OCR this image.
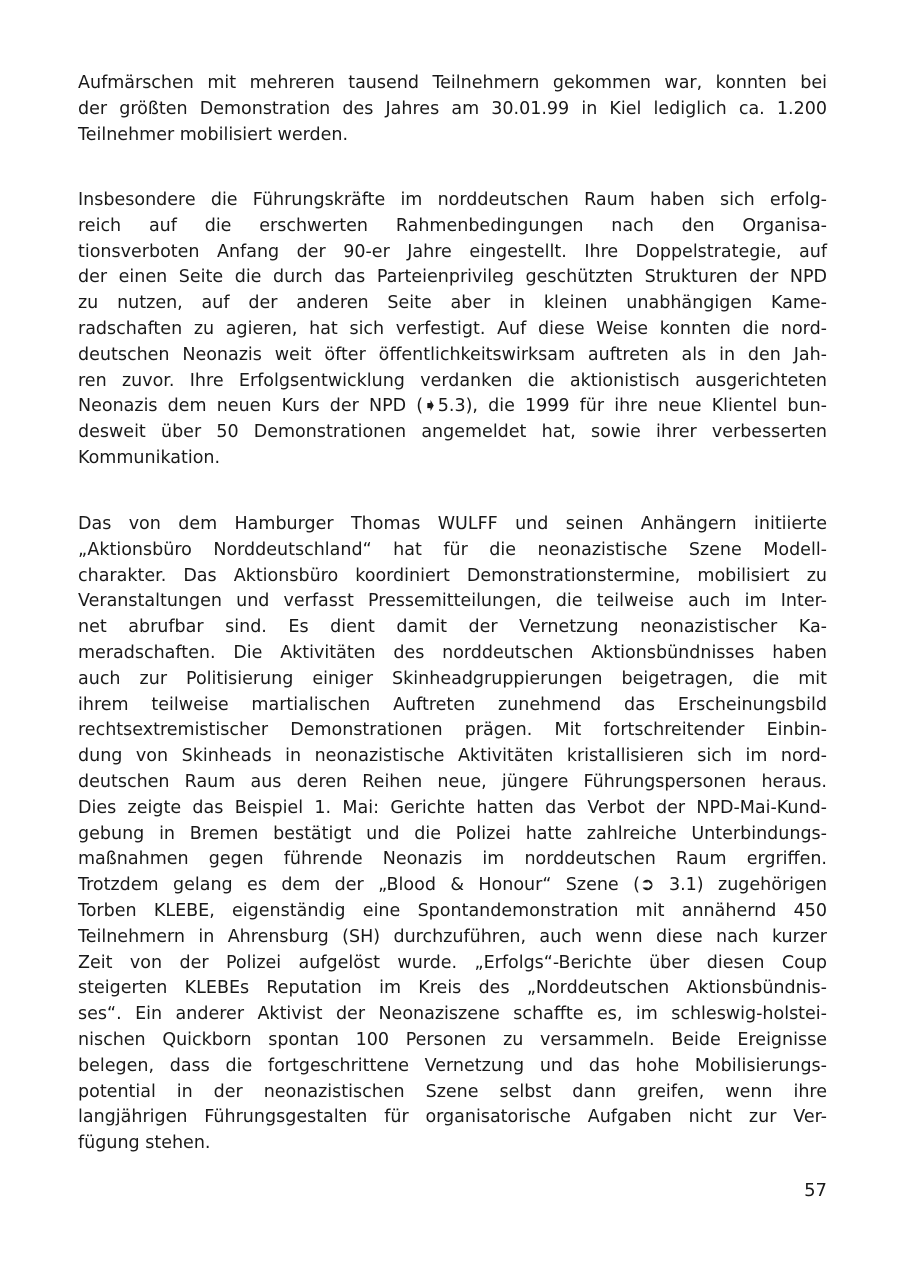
Aufmärschen mit mehreren tausend Teilnehmern gekommen war, konnten bei
der größten Demonstration des Jahres am 30.01.99 in Kiel lediglich ca. 1.200
Teilnehmer mobilisiert werden.

Insbesondere die Führungskräfte im norddeutschen Raum haben sich erfolg-
reich auf die erschwerten Rahmenbedingungen nach den Organisa-
tionsverboten Anfang der 90-er Jahre eingestellt. Ihre Doppelstrategie, auf
der einen Seite die durch das Parteienprivileg geschützten Strukturen der NPD
zu nutzen, auf der anderen Seite aber in kleinen unabhängigen Kame-
radschaften zu agieren, hat sich verfestigt. Auf diese Weise konnten die nord-
deutschen Neonazis weit öfter öffentlichkeitswirksam auftreten als in den Jah-
ren zuvor. Ihre Erfolgsentwicklung verdanken die aktionistisch ausgerichteten
Neonazis dem neuen Kurs der NPD (➧5.3), die 1999 für ihre neue Klientel bun-
desweit über 50 Demonstrationen angemeldet hat, sowie ihrer verbesserten
Kommunikation.

Das von dem Hamburger Thomas WULFF und seinen Anhängern initiierte
„Aktionsbüro Norddeutschland“ hat für die neonazistische Szene Modell-
charakter. Das Aktionsbüro koordiniert Demonstrationstermine, mobilisiert zu
Veranstaltungen und verfasst Pressemitteilungen, die teilweise auch im Inter-
net abrufbar sind. Es dient damit der Vernetzung neonazistischer Ka-
meradschaften. Die Aktivitäten des norddeutschen Aktionsbündnisses haben
auch zur Politisierung einiger Skinheadgruppierungen beigetragen, die mit
ihrem teilweise martialischen Auftreten zunehmend das Erscheinungsbild
rechtsextremistischer Demonstrationen prägen. Mit fortschreitender Einbin-
dung von Skinheads in neonazistische Aktivitäten kristallisieren sich im nord-
deutschen Raum aus deren Reihen neue, jüngere Führungspersonen heraus.
Dies zeigte das Beispiel 1. Mai: Gerichte hatten das Verbot der NPD-Mai-Kund-
gebung in Bremen bestätigt und die Polizei hatte zahlreiche Unterbindungs-
maßnahmen gegen führende Neonazis im norddeutschen Raum ergriffen.
Trotzdem gelang es dem der „Blood & Honour“ Szene (➲ 3.1) zugehörigen
Torben KLEBE, eigenständig eine Spontandemonstration mit annähernd 450
Teilnehmern in Ahrensburg (SH) durchzuführen, auch wenn diese nach kurzer
Zeit von der Polizei aufgelöst wurde. „Erfolgs“-Berichte über diesen Coup
steigerten KLEBEs Reputation im Kreis des „Norddeutschen Aktionsbündnis-
ses“. Ein anderer Aktivist der Neonaziszene schaffte es, im schleswig-holstei-
nischen Quickborn spontan 100 Personen zu versammeln. Beide Ereignisse
belegen, dass die fortgeschrittene Vernetzung und das hohe Mobilisierungs-
potential in der neonazistischen Szene selbst dann greifen, wenn ihre
langjährigen Führungsgestalten für organisatorische Aufgaben nicht zur Ver-
fügung stehen.

57
